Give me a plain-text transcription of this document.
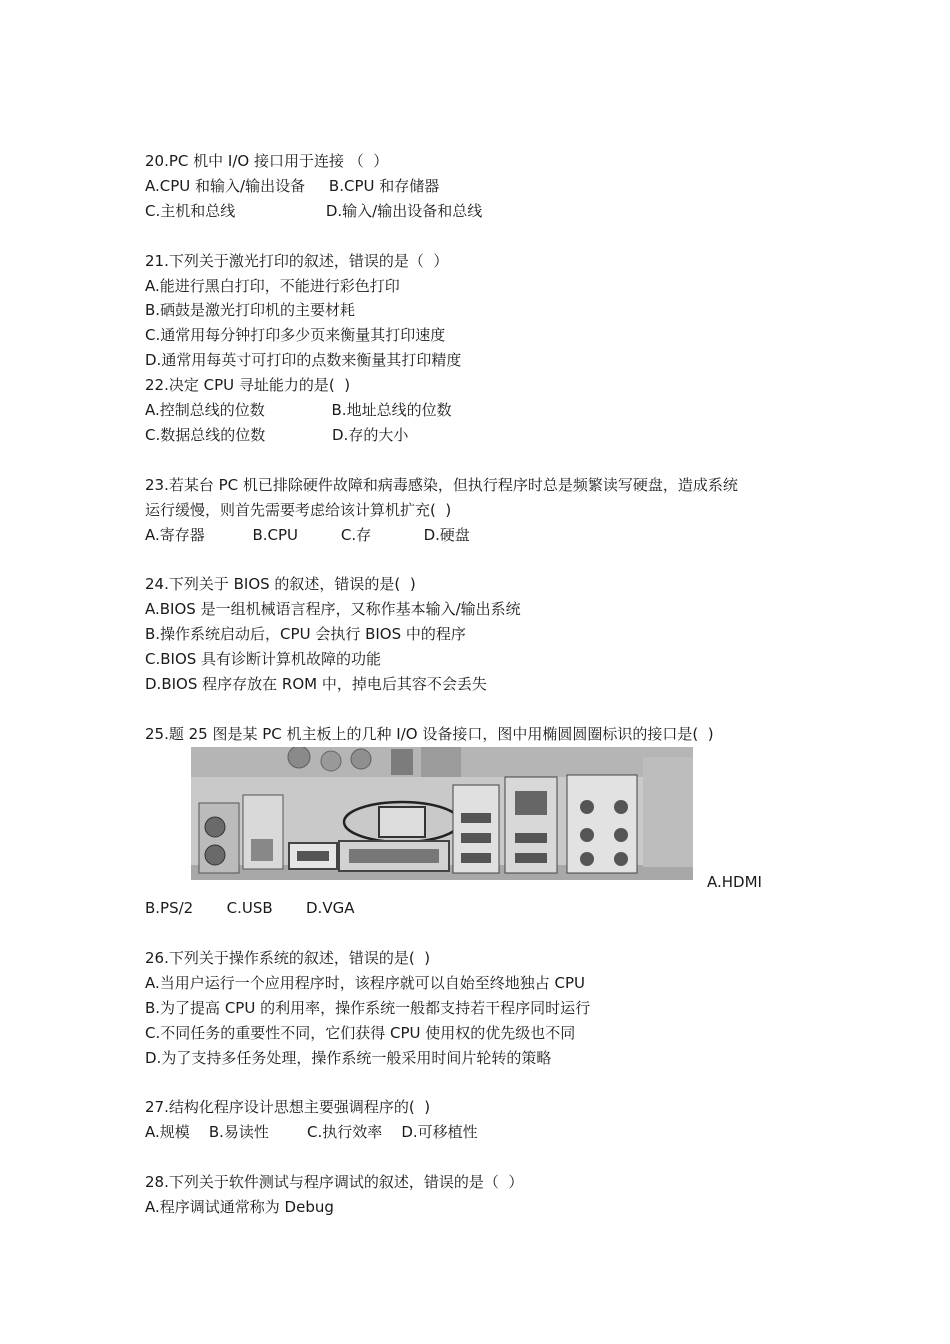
20.PC 机中 I/O 接口用于连接 （  ）
A.CPU 和输入/输出设备     B.CPU 和存储器
C.主机和总线                   D.输入/输出设备和总线
21.下列关于激光打印的叙述，错误的是（  ）
A.能进行黑白打印，不能进行彩色打印
B.硒鼓是激光打印机的主要材耗
C.通常用每分钟打印多少页来衡量其打印速度
D.通常用每英寸可打印的点数来衡量其打印精度
22.决定 CPU 寻址能力的是(  )
A.控制总线的位数              B.地址总线的位数
C.数据总线的位数              D.存的大小
23.若某台 PC 机已排除硬件故障和病毒感染，但执行程序时总是频繁读写硬盘，造成系统
运行缓慢，则首先需要考虑给该计算机扩充(  )
A.寄存器          B.CPU         C.存           D.硬盘
24.下列关于 BIOS 的叙述，错误的是(  )
A.BIOS 是一组机械语言程序，又称作基本输入/输出系统
B.操作系统启动后，CPU 会执行 BIOS 中的程序
C.BIOS 具有诊断计算机故障的功能
D.BIOS 程序存放在 ROM 中，掉电后其容不会丢失
25.题 25 图是某 PC 机主板上的几种 I/O 设备接口，图中用椭圆圆圈标识的接口是(  )
A.HDMI
B.PS/2       C.USB       D.VGA
26.下列关于操作系统的叙述，错误的是(  )
A.当用户运行一个应用程序时，该程序就可以自始至终地独占 CPU
B.为了提高 CPU 的利用率，操作系统一般都支持若干程序同时运行
C.不同任务的重要性不同，它们获得 CPU 使用权的优先级也不同
D.为了支持多任务处理，操作系统一般采用时间片轮转的策略
27.结构化程序设计思想主要强调程序的(  )
A.规模    B.易读性        C.执行效率    D.可移植性
28.下列关于软件测试与程序调试的叙述，错误的是（  ）
A.程序调试通常称为 Debug
